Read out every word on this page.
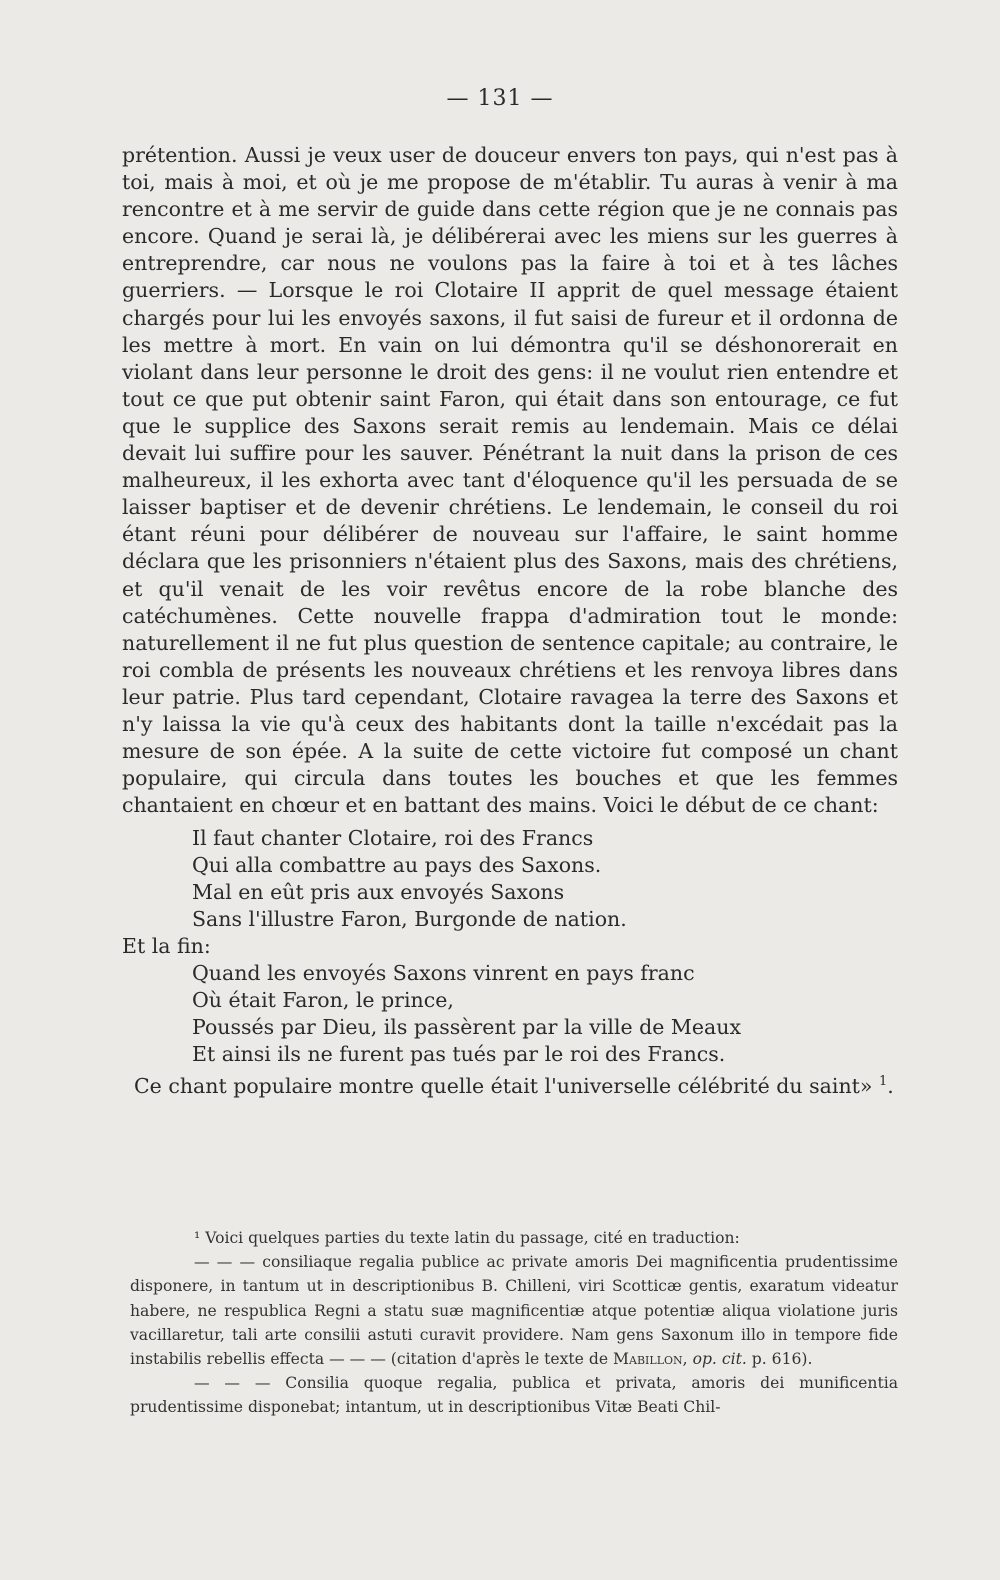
— 131 —

prétention. Aussi je veux user de douceur envers ton pays, qui n'est pas à toi, mais à moi, et où je me propose de m'établir. Tu auras à venir à ma rencontre et à me servir de guide dans cette région que je ne connais pas encore. Quand je serai là, je délibérerai avec les miens sur les guerres à entreprendre, car nous ne voulons pas la faire à toi et à tes lâches guerriers. — Lorsque le roi Clotaire II apprit de quel message étaient chargés pour lui les envoyés saxons, il fut saisi de fureur et il ordonna de les mettre à mort. En vain on lui démontra qu'il se déshonorerait en violant dans leur personne le droit des gens: il ne voulut rien entendre et tout ce que put obtenir saint Faron, qui était dans son entourage, ce fut que le supplice des Saxons serait remis au lendemain. Mais ce délai devait lui suffire pour les sauver. Pénétrant la nuit dans la prison de ces malheureux, il les exhorta avec tant d'éloquence qu'il les persuada de se laisser baptiser et de devenir chrétiens. Le lendemain, le conseil du roi étant réuni pour délibérer de nouveau sur l'affaire, le saint homme déclara que les prisonniers n'étaient plus des Saxons, mais des chrétiens, et qu'il venait de les voir revêtus encore de la robe blanche des catéchumènes. Cette nouvelle frappa d'admiration tout le monde: naturellement il ne fut plus question de sentence capitale; au contraire, le roi combla de présents les nouveaux chrétiens et les renvoya libres dans leur patrie. Plus tard cependant, Clotaire ravagea la terre des Saxons et n'y laissa la vie qu'à ceux des habitants dont la taille n'excédait pas la mesure de son épée. A la suite de cette victoire fut composé un chant populaire, qui circula dans toutes les bouches et que les femmes chantaient en chœur et en battant des mains. Voici le début de ce chant:

Il faut chanter Clotaire, roi des Francs
Qui alla combattre au pays des Saxons.
Mal en eût pris aux envoyés Saxons
Sans l'illustre Faron, Burgonde de nation.

Et la fin:

Quand les envoyés Saxons vinrent en pays franc
Où était Faron, le prince,
Poussés par Dieu, ils passèrent par la ville de Meaux
Et ainsi ils ne furent pas tués par le roi des Francs.

Ce chant populaire montre quelle était l'universelle célébrité du saint» $^1$.

¹ Voici quelques parties du texte latin du passage, cité en traduction:

— — — consiliaque regalia publice ac private amoris Dei magnificentia prudentissime disponere, in tantum ut in descriptionibus B. Chilleni, viri Scotticæ gentis, exaratum videatur habere, ne respublica Regni a statu suæ magnificentiæ atque potentiæ aliqua violatione juris vacillaretur, tali arte consilii astuti curavit providere. Nam gens Saxonum illo in tempore fide instabilis rebellis effecta — — — (citation d'après le texte de Mabillon, op. cit. p. 616).

— — — Consilia quoque regalia, publica et privata, amoris dei munificentia prudentissime disponebat; intantum, ut in descriptionibus Vitæ Beati Chil-
